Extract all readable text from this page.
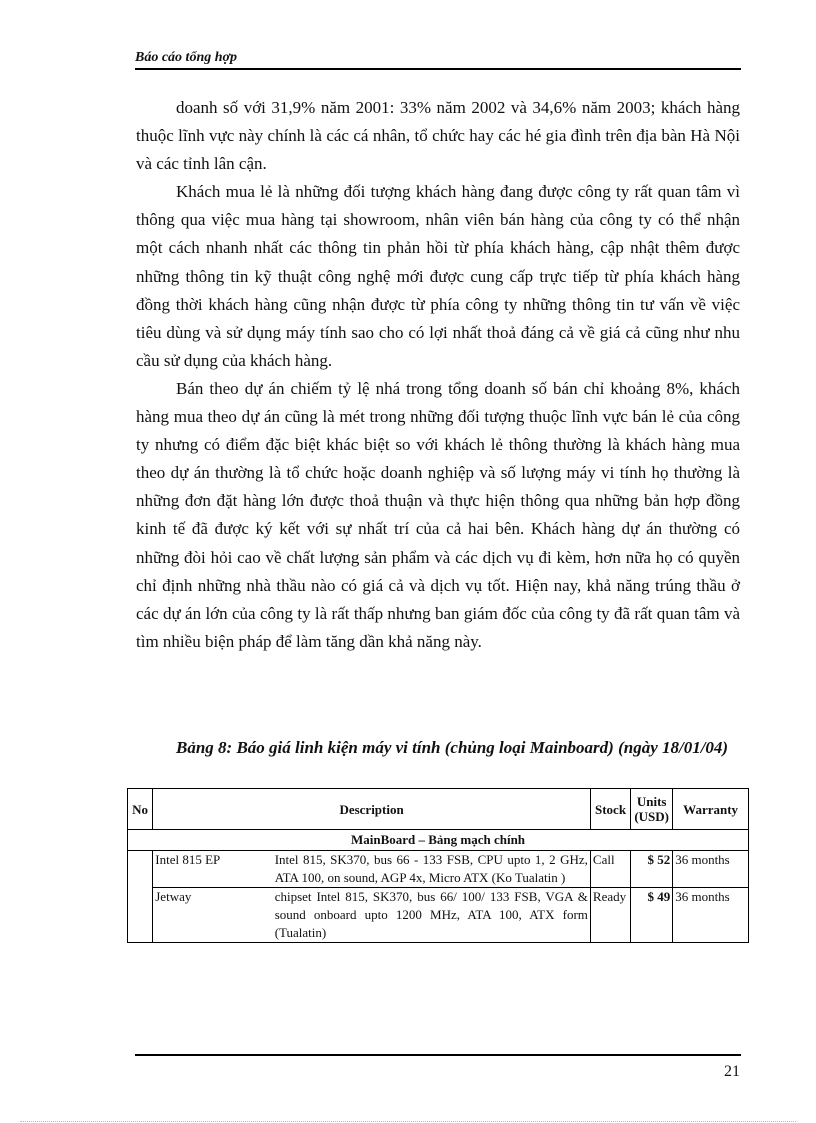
Báo cáo tổng hợp

doanh số với 31,9% năm 2001: 33% năm 2002 và 34,6% năm 2003; khách hàng thuộc lĩnh vực này chính là các cá nhân, tổ chức hay các hé gia đình trên địa bàn Hà Nội và các tỉnh lân cận.

Khách mua lẻ là những đối tượng khách hàng đang được công ty rất quan tâm vì thông qua việc mua hàng tại showroom, nhân viên bán hàng của công ty có thể nhận một cách nhanh nhất các thông tin phản hồi từ phía khách hàng, cập nhật thêm được những thông tin kỹ thuật công nghệ mới được cung cấp trực tiếp từ phía khách hàng đồng thời khách hàng cũng nhận được từ phía công ty những thông tin tư vấn về việc tiêu dùng và sử dụng máy tính sao cho có lợi nhất thoả đáng cả về giá cả cũng như nhu cầu sử dụng của khách hàng.

Bán theo dự án chiếm tỷ lệ nhá trong tổng doanh số bán chỉ khoảng 8%, khách hàng mua theo dự án cũng là mét trong những đối tượng thuộc lĩnh vực bán lẻ của công ty nhưng có điểm đặc biệt khác biệt so với khách lẻ thông thường là khách hàng mua theo dự án thường là tổ chức hoặc doanh nghiệp và số lượng máy vi tính họ thường là những đơn đặt hàng lớn được thoả thuận và thực hiện thông qua những bản hợp đồng kinh tế đã được ký kết với sự nhất trí của cả hai bên. Khách hàng dự án thường có những đòi hỏi cao về chất lượng sản phẩm và các dịch vụ đi kèm, hơn nữa họ có quyền chỉ định những nhà thầu nào có giá cả và dịch vụ tốt. Hiện nay, khả năng trúng thầu ở các dự án lớn của công ty là rất thấp nhưng ban giám đốc của công ty đã rất quan tâm và tìm nhiều biện pháp để làm tăng dần khả năng này.

Bảng 8: Báo giá linh kiện máy vi tính (chủng loại Mainboard) (ngày 18/01/04)
No	Description		Stock	Units (USD)	Warranty
MainBoard – Bảng mạch chính					
	Intel 815 EP	Intel 815, SK370, bus 66 - 133 FSB, CPU upto 1, 2 GHz, ATA 100, on sound, AGP 4x, Micro ATX (Ko Tualatin )	Call	$ 52	36 months
	Jetway	chipset Intel 815, SK370, bus 66/ 100/ 133 FSB, VGA & sound onboard upto 1200 MHz, ATA 100, ATX form (Tualatin)	Ready	$ 49	36 months
21
